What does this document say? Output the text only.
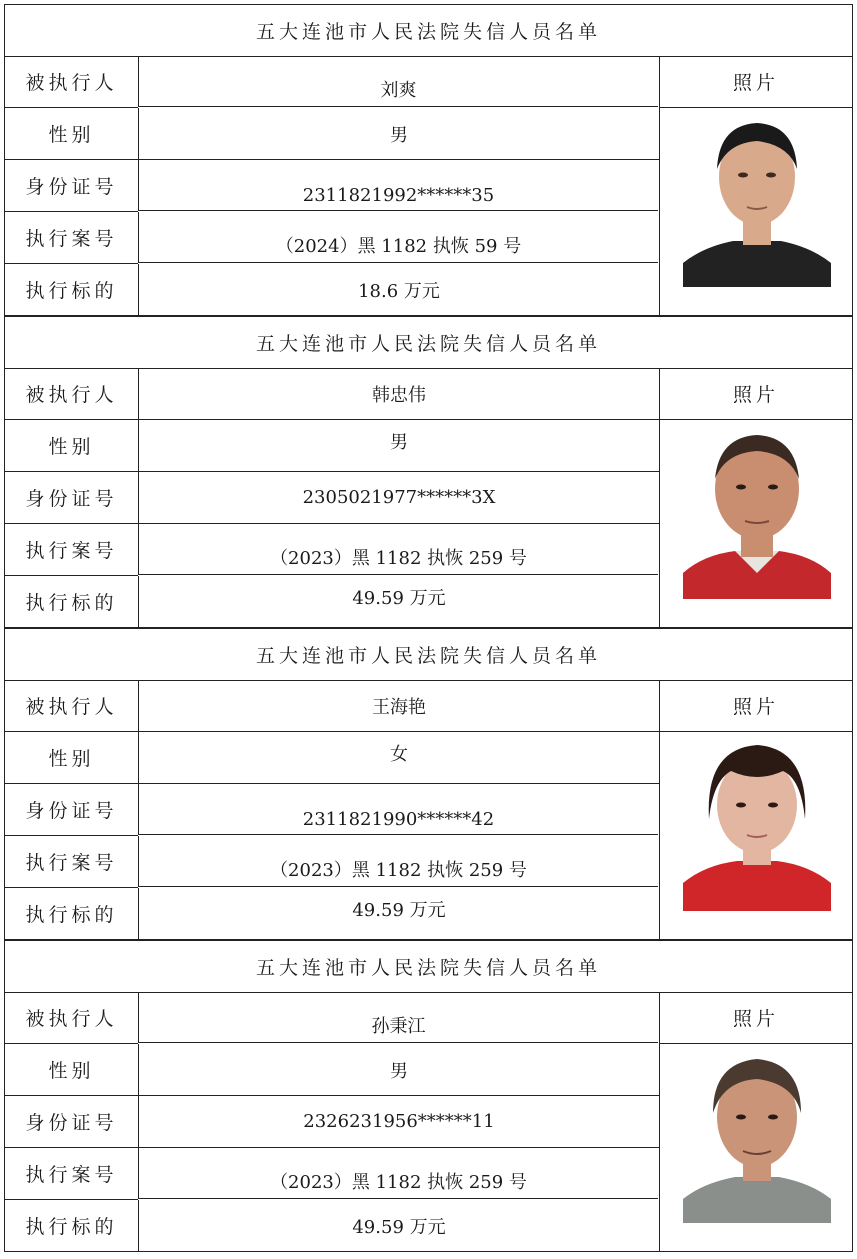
五大连池市人民法院失信人员名单
被执行人	刘爽	照片
性别	男
身份证号	2311821992******35
执行案号	（2024）黑 1182 执恢 59 号
执行标的	18.6 万元
五大连池市人民法院失信人员名单
被执行人	韩忠伟	照片
性别	男
身份证号	2305021977******3X
执行案号	（2023）黑 1182 执恢 259 号
执行标的	49.59 万元
五大连池市人民法院失信人员名单
被执行人	王海艳	照片
性别	女
身份证号	2311821990******42
执行案号	（2023）黑 1182 执恢 259 号
执行标的	49.59 万元
五大连池市人民法院失信人员名单
被执行人	孙秉江	照片
性别	男
身份证号	2326231956******11
执行案号	（2023）黑 1182 执恢 259 号
执行标的	49.59 万元
